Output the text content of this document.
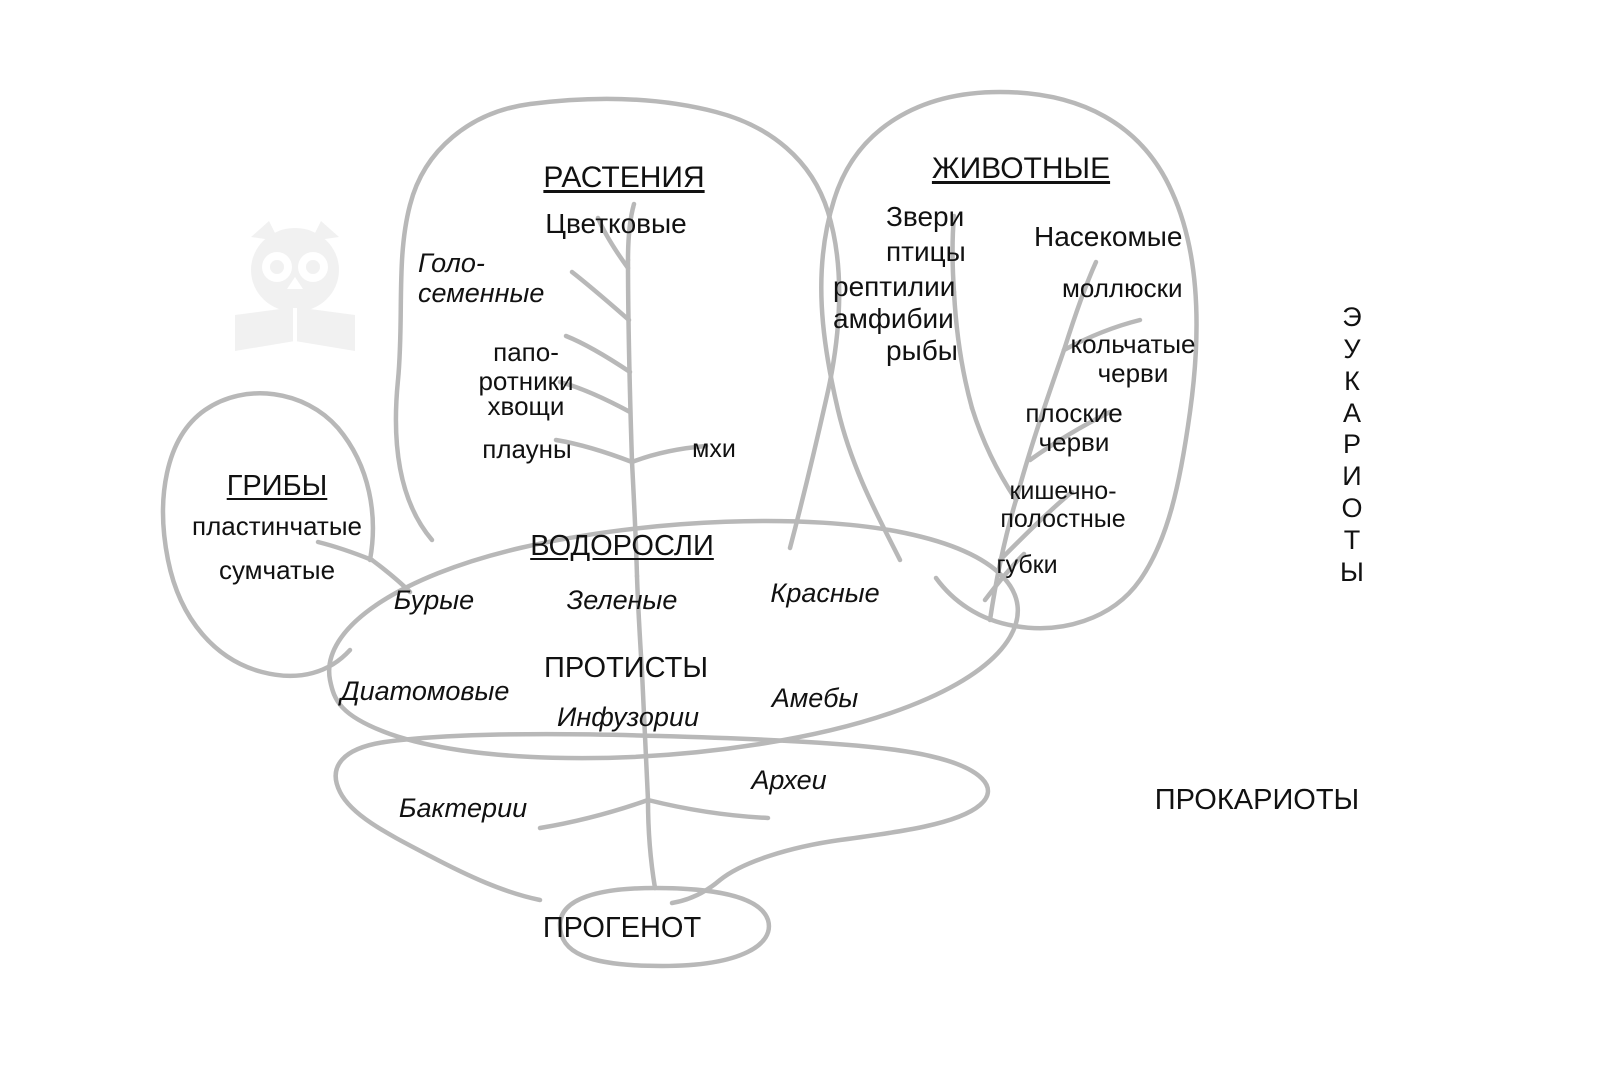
ГРИБЫ
пластинчатые
сумчатые
РАСТЕНИЯ
Цветковые
Голо-
семенные
папо-
ротники
хвощи
плауны	мхи
ЖИВОТНЫЕ
Звери
птицы
рептилии
амфибии
рыбы
Насекомые
моллюски
кольчатые
черви
плоские
черви
кишечно-
полостные
губки
ВОДОРОСЛИ
Бурые	Зеленые	Красные
ПРОТИСТЫ
Диатомовые
Инфузории
Амебы
Бактерии
Археи
ПРОГЕНОТ
Э
У
К
А
Р
И
О
Т
Ы
ПРОКАРИОТЫ
